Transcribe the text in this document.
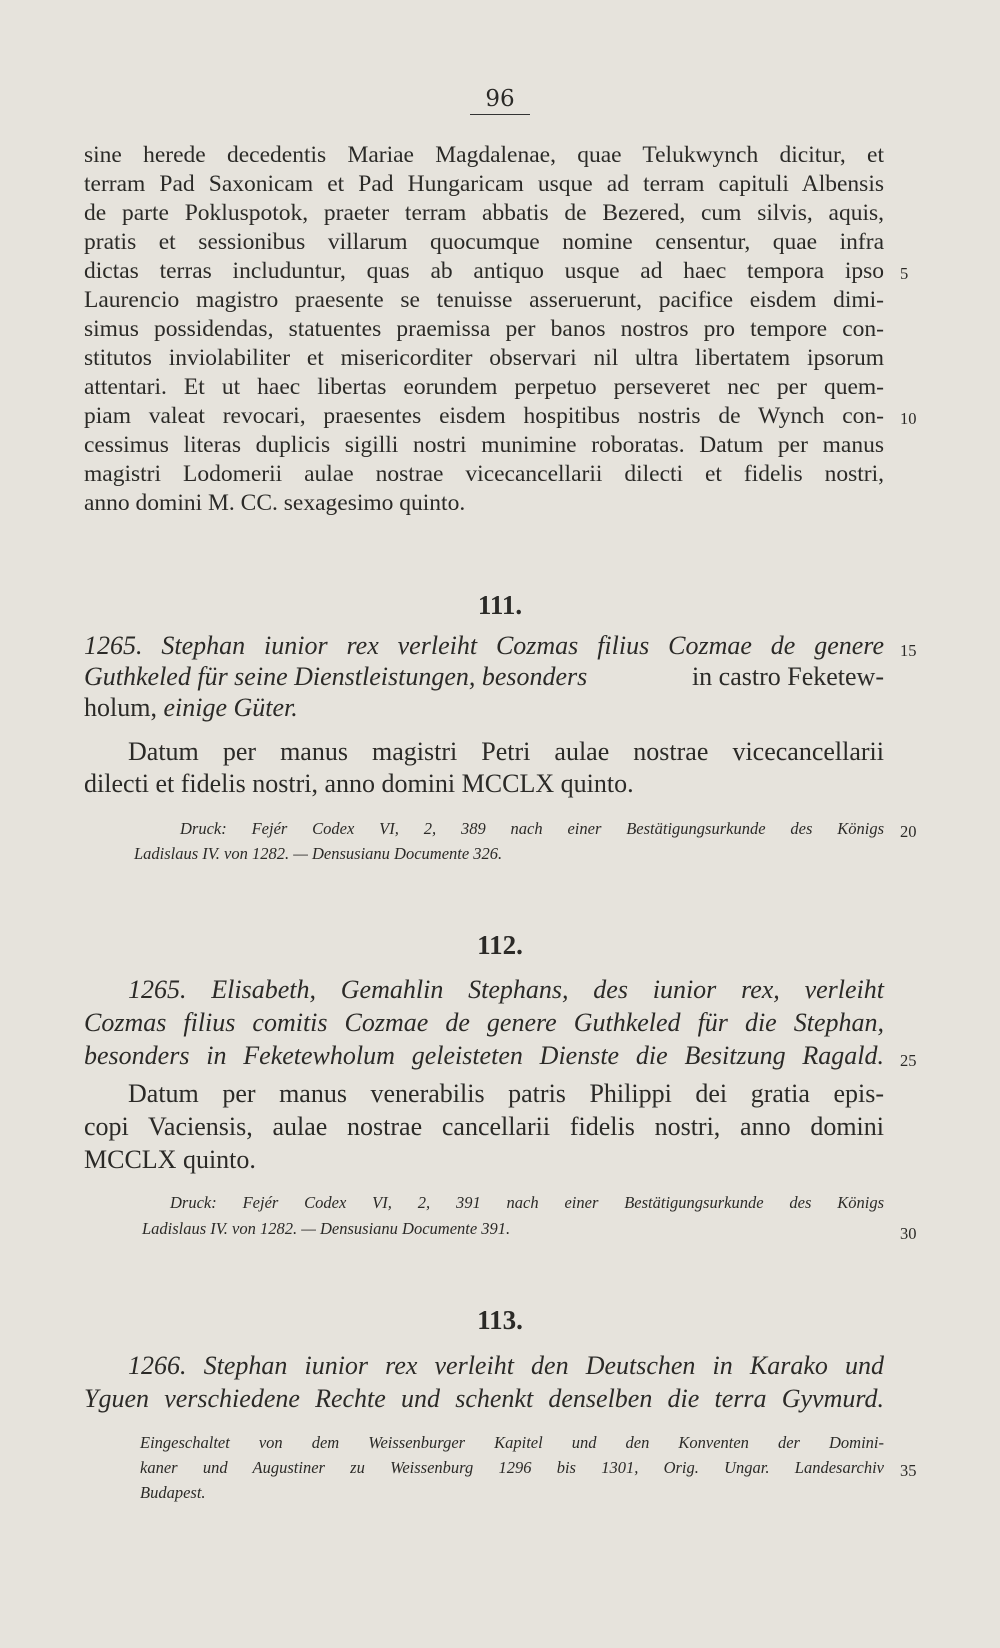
96
sine herede decedentis Mariae Magdalenae, quae Telukwynch dicitur, et
terram Pad Saxonicam et Pad Hungaricam usque ad terram capituli Albensis
de parte Pokluspotok, praeter terram abbatis de Bezered, cum silvis, aquis,
pratis et sessionibus villarum quocumque nomine censentur, quae infra
dictas terras includuntur, quas ab antiquo usque ad haec tempora ipso
Laurencio magistro praesente se tenuisse asseruerunt, pacifice eisdem dimi-
simus possidendas, statuentes praemissa per banos nostros pro tempore con-
stitutos inviolabiliter et misericorditer observari nil ultra libertatem ipsorum
attentari. Et ut haec libertas eorundem perpetuo perseveret nec per quem-
piam valeat revocari, praesentes eisdem hospitibus nostris de Wynch con-
cessimus literas duplicis sigilli nostri munimine roboratas. Datum per manus
magistri Lodomerii aulae nostrae vicecancellarii dilecti et fidelis nostri,
anno domini M. CC. sexagesimo quinto.
111.
1265. Stephan iunior rex verleiht Cozmas filius Cozmae de genere
Guthkeled für seine Dienstleistungen, besonders	in castro Feketew-
holum, einige Güter.
Datum per manus magistri Petri aulae nostrae vicecancellarii
dilecti et fidelis nostri, anno domini MCCLX quinto.
Druck: Fejér Codex VI, 2, 389 nach einer Bestätigungsurkunde des Königs
Ladislaus IV. von 1282. — Densusianu Documente 326.
112.
1265. Elisabeth, Gemahlin Stephans, des iunior rex, verleiht
Cozmas filius comitis Cozmae de genere Guthkeled für die Stephan,
besonders in Feketewholum geleisteten Dienste die Besitzung Ragald.
Datum per manus venerabilis patris Philippi dei gratia epis-
copi Vaciensis, aulae nostrae cancellarii fidelis nostri, anno domini
MCCLX quinto.
Druck: Fejér Codex VI, 2, 391 nach einer Bestätigungsurkunde des Königs
Ladislaus IV. von 1282. — Densusianu Documente 391.
113.
1266. Stephan iunior rex verleiht den Deutschen in Karako und
Yguen verschiedene Rechte und schenkt denselben die terra Gyvmurd.
Eingeschaltet von dem Weissenburger Kapitel und den Konventen der Domini-
kaner und Augustiner zu Weissenburg 1296 bis 1301, Orig. Ungar. Landesarchiv
Budapest.
5
10
15
20
25
30
35
